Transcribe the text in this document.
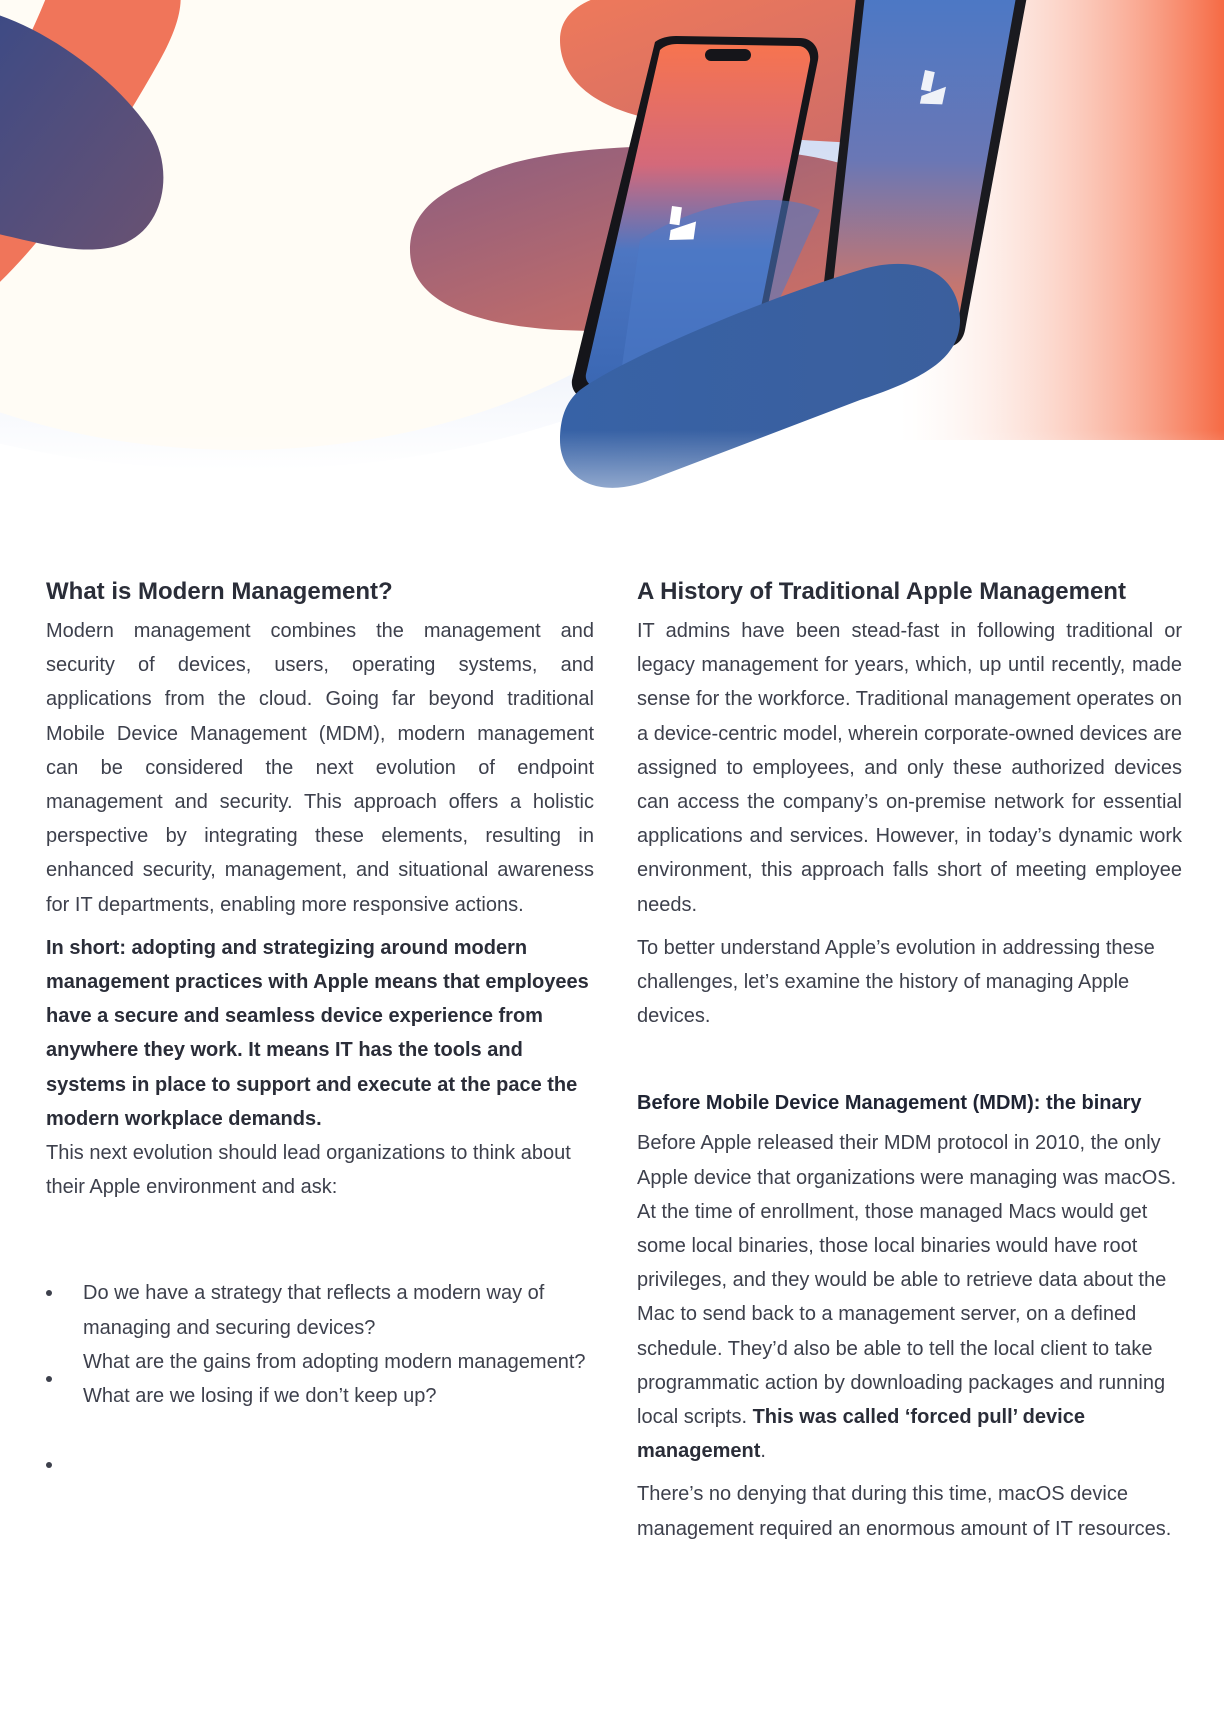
What is Modern Management?

Modern management combines the management and security of devices, users, operating systems, and applications from the cloud. Going far beyond traditional Mobile Device Management (MDM), modern management can be considered the next evolution of endpoint management and security. This approach offers a holistic perspective by integrating these elements, resulting in enhanced security, management, and situational awareness for IT departments, enabling more responsive actions.

In short: adopting and strategizing around modern management practices with Apple means that employees have a secure and seamless device experience from anywhere they work. It means IT has the tools and systems in place to support and execute at the pace the modern workplace demands.

This next evolution should lead organizations to think about their Apple environment and ask:

Do we have a strategy that reflects a modern way of managing and securing devices?
What are the gains from adopting modern management?
What are we losing if we don’t keep up?
A History of Traditional Apple Management

IT admins have been stead-fast in following traditional or legacy management for years, which, up until recently, made sense for the workforce. Traditional management operates on a device-centric model, wherein corporate-owned devices are assigned to employees, and only these authorized devices can access the company’s on-premise network for essential applications and services. However, in today’s dynamic work environment, this approach falls short of meeting employee needs.

To better understand Apple’s evolution in addressing these challenges, let’s examine the history of managing Apple devices.

Before Mobile Device Management (MDM): the binary

Before Apple released their MDM protocol in 2010, the only Apple device that organizations were managing was macOS. At the time of enrollment, those managed Macs would get some local binaries, those local binaries would have root privileges, and they would be able to retrieve data about the Mac to send back to a management server, on a defined schedule. They’d also be able to tell the local client to take programmatic action by downloading packages and running local scripts. This was called ‘forced pull’ device management.

There’s no denying that during this time, macOS device management required an enormous amount of IT resources.
